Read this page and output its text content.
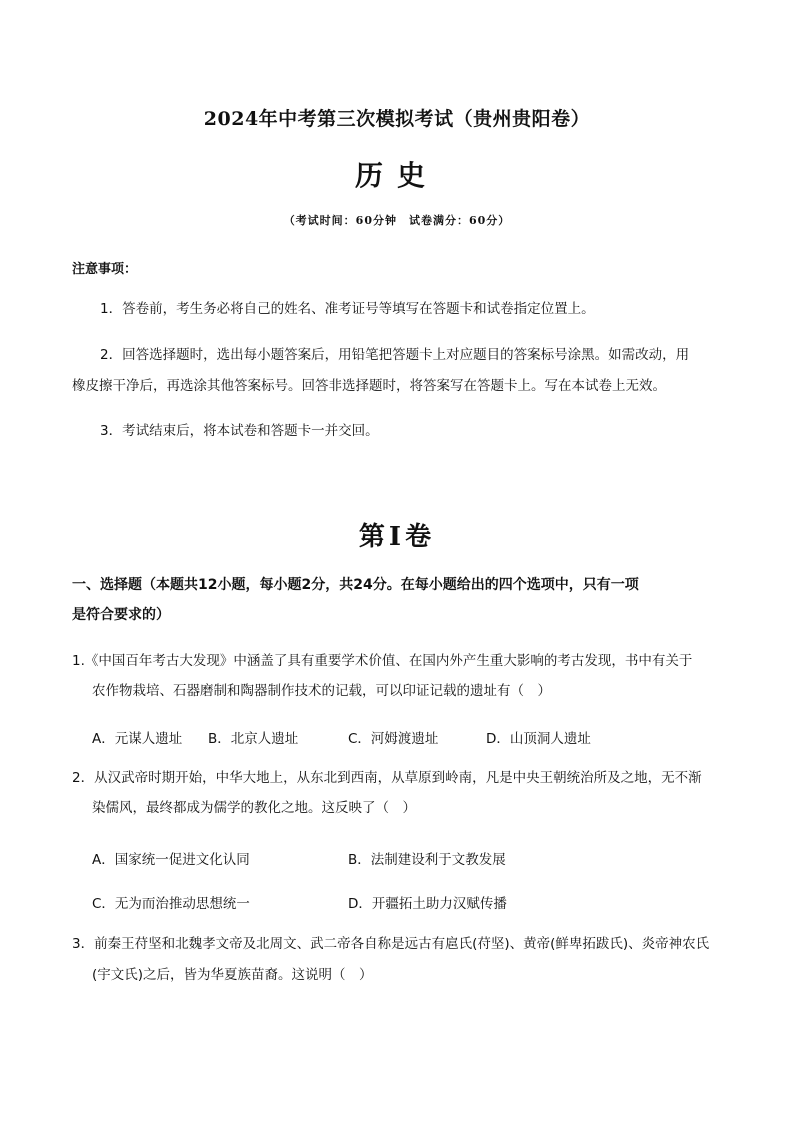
2024年中考第三次模拟考试（贵州贵阳卷）
历史
（考试时间：60分钟　试卷满分：60分）
注意事项：
1．答卷前，考生务必将自己的姓名、准考证号等填写在答题卡和试卷指定位置上。
2．回答选择题时，选出每小题答案后，用铅笔把答题卡上对应题目的答案标号涂黑。如需改动，用
橡皮擦干净后，再选涂其他答案标号。回答非选择题时，将答案写在答题卡上。写在本试卷上无效。
3．考试结束后，将本试卷和答题卡一并交回。
第Ⅰ卷
一、选择题（本题共12小题，每小题2分，共24分。在每小题给出的四个选项中，只有一项
是符合要求的）
1.《中国百年考古大发现》中涵盖了具有重要学术价值、在国内外产生重大影响的考古发现，书中有关于
农作物栽培、石器磨制和陶器制作技术的记载，可以印证记载的遗址有（　）
A．元谋人遗址 B．北京人遗址	C．河姆渡遗址	D．山顶洞人遗址
2．从汉武帝时期开始，中华大地上，从东北到西南，从草原到岭南，凡是中央王朝统治所及之地，无不渐
染儒风，最终都成为儒学的教化之地。这反映了（　）
A．国家统一促进文化认同	B．法制建设利于文教发展
C．无为而治推动思想统一	D．开疆拓土助力汉赋传播
3．前秦王苻坚和北魏孝文帝及北周文、武二帝各自称是远古有扈氏(苻坚)、黄帝(鲜卑拓跋氏)、炎帝神农氏
(宇文氏)之后，皆为华夏族苗裔。这说明（　）
